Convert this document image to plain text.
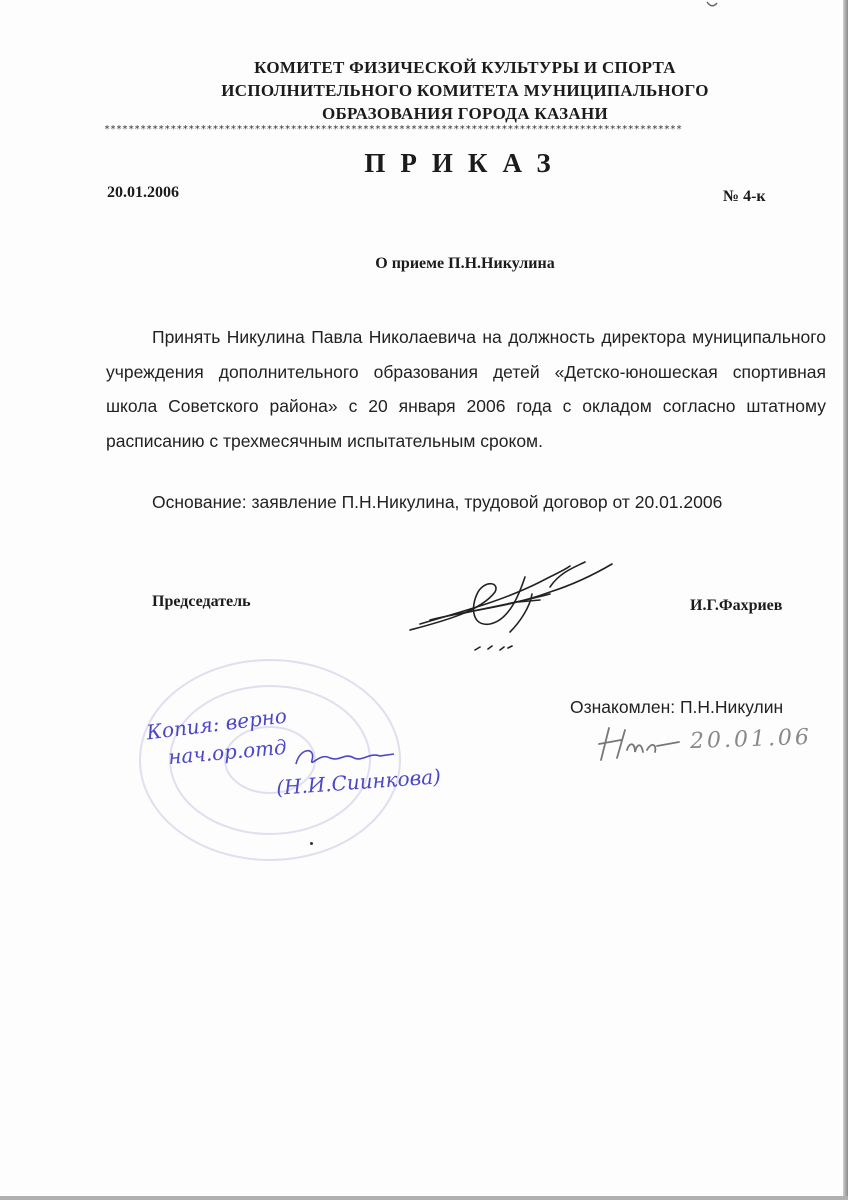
КОМИТЕТ ФИЗИЧЕСКОЙ КУЛЬТУРЫ И СПОРТА
ИСПОЛНИТЕЛЬНОГО КОМИТЕТА МУНИЦИПАЛЬНОГО
ОБРАЗОВАНИЯ ГОРОДА КАЗАНИ
************************************************************************************************
ПРИКАЗ
20.01.2006	№ 4-к
О приеме П.Н.Никулина
Принять Никулина Павла Николаевича на должность директора муниципального учреждения дополнительного образования детей «Детско-юношеская спортивная школа Советского района» с 20 января 2006 года с окладом согласно штатному расписанию с трехмесячным испытательным сроком.
Основание: заявление П.Н.Никулина, трудовой договор от 20.01.2006
Председатель	И.Г.Фахриев
Ознакомлен: П.Н.Никулин
20.01.06
Копия: верно
нач.ор.отд
(Н.И.Сиинкова)
